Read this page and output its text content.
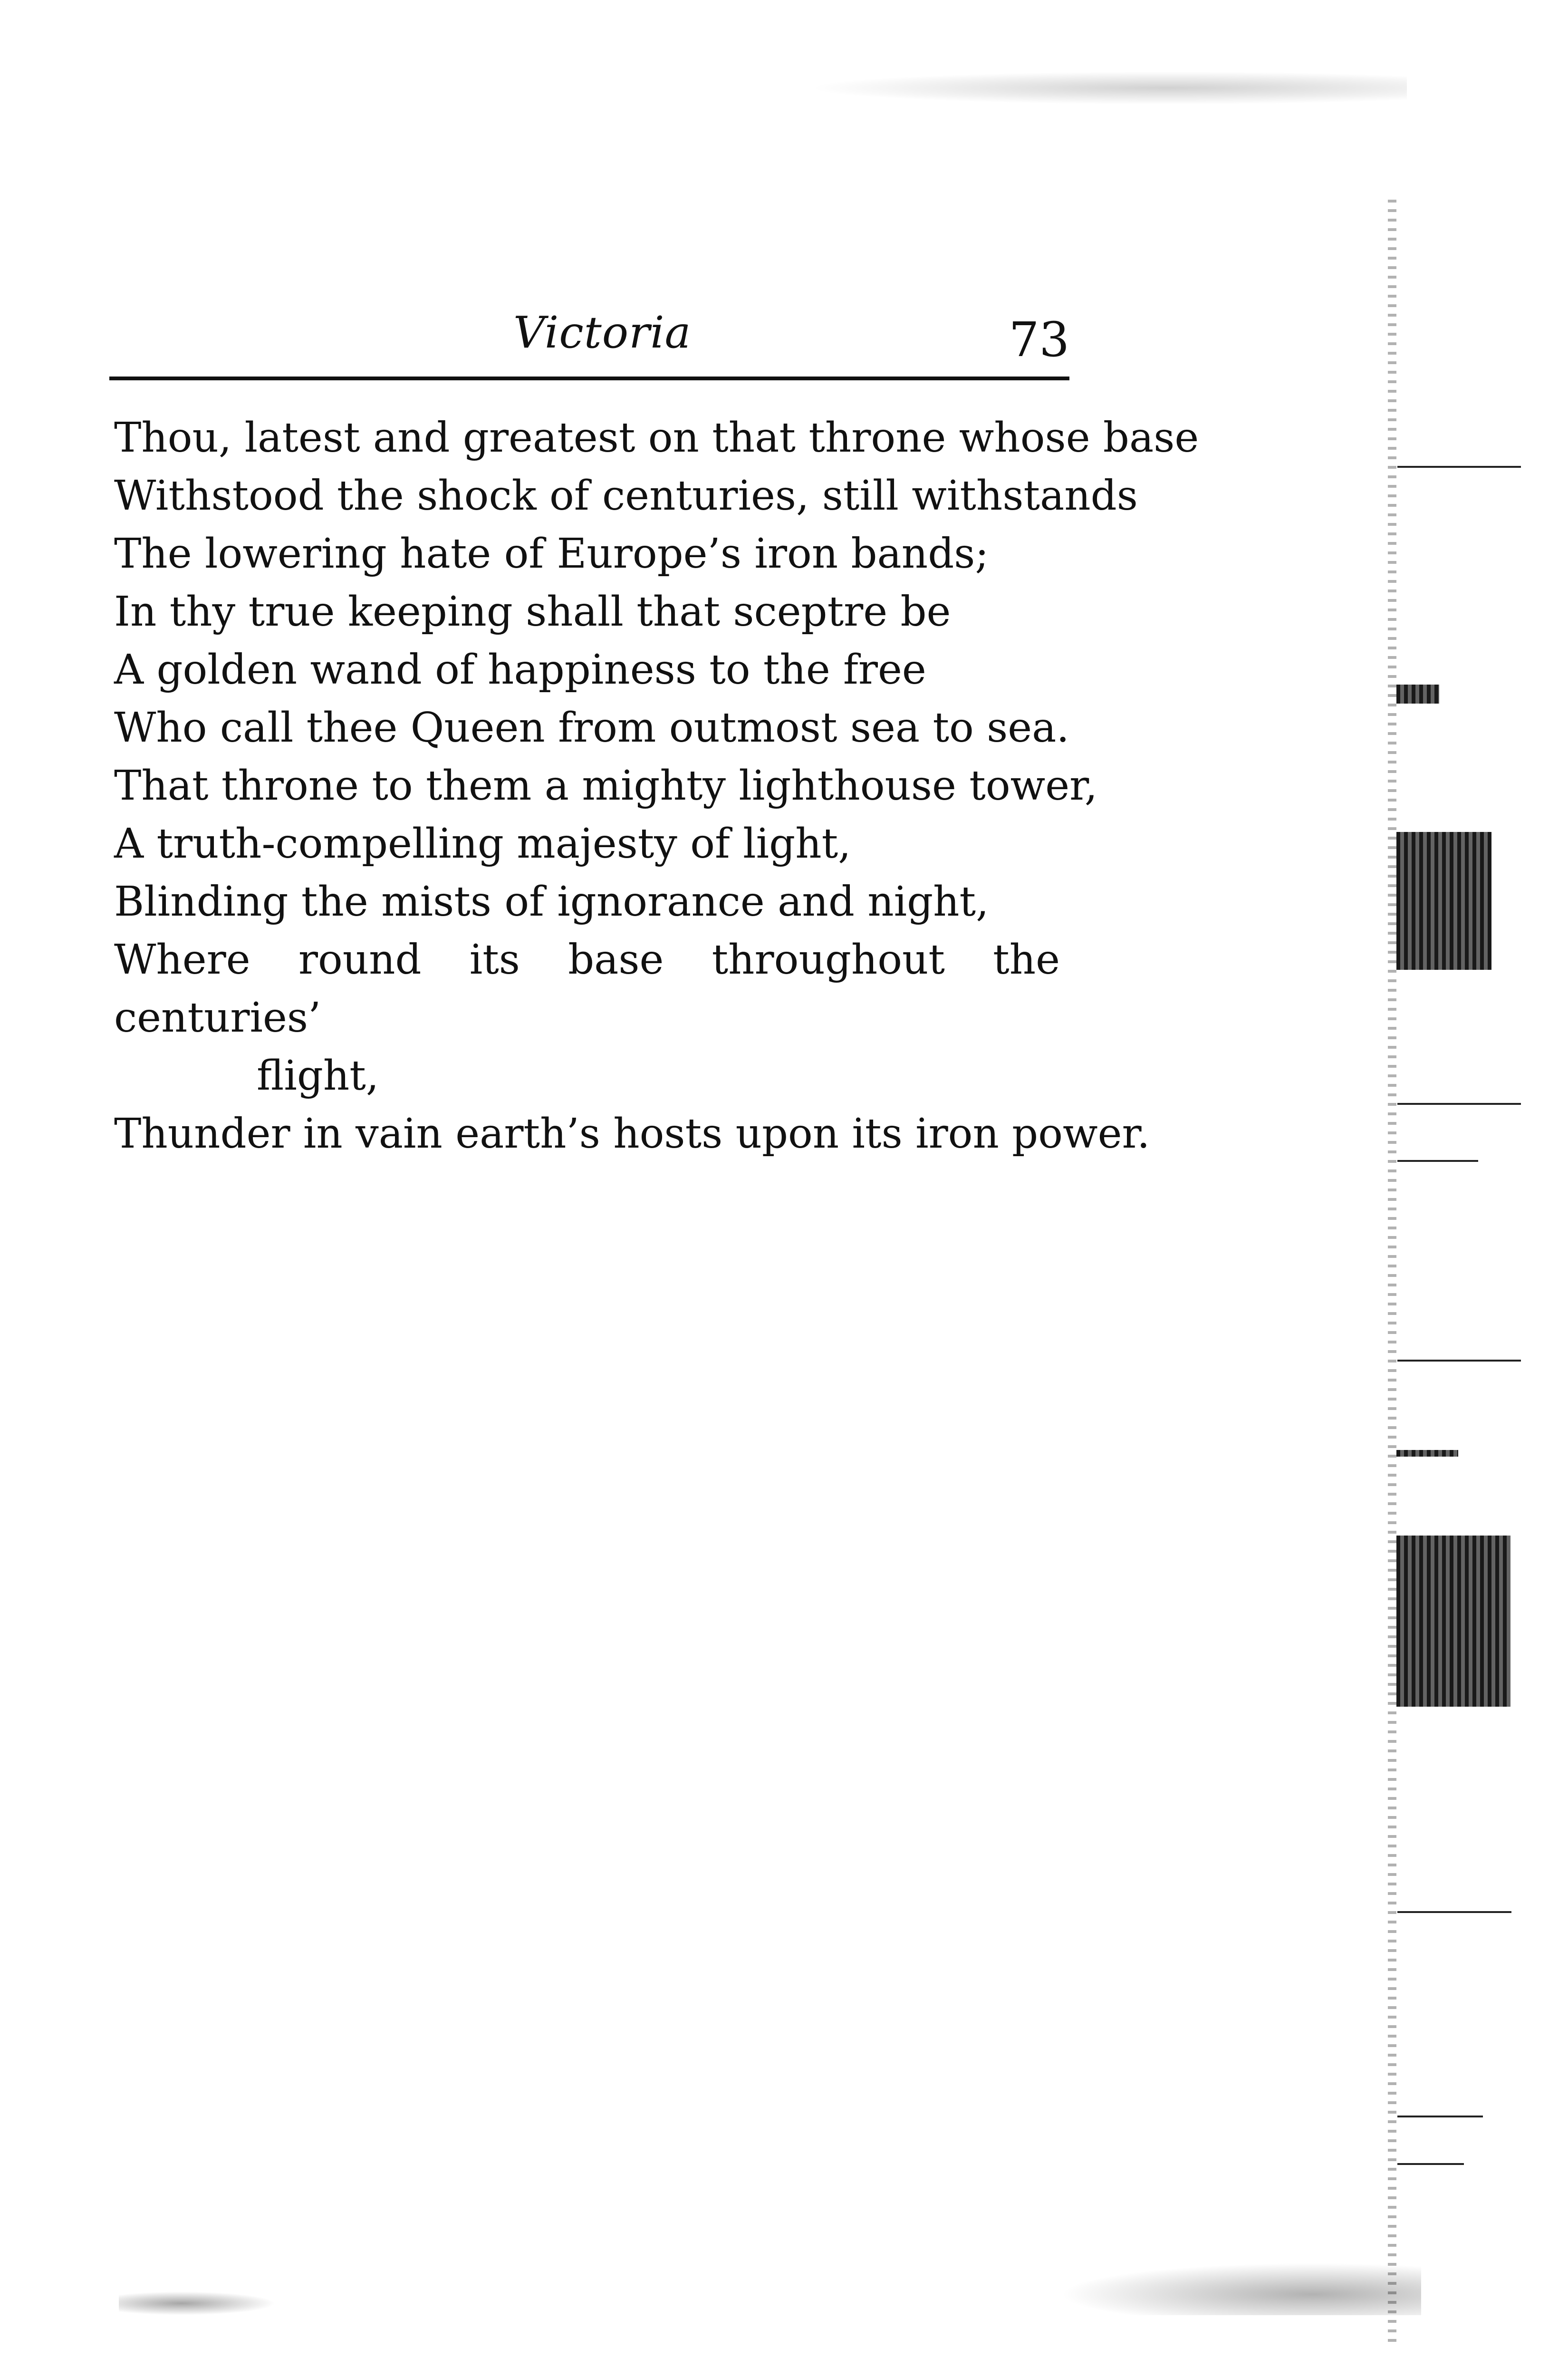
Victoria	73
Thou, latest and greatest on that throne whose base
Withstood the shock of centuries, still withstands
The lowering hate of Europe’s iron bands;
In thy true keeping shall that sceptre be
A golden wand of happiness to the free
Who call thee Queen from outmost sea to sea.
That throne to them a mighty lighthouse tower,
A truth-compelling majesty of light,
Blinding the mists of ignorance and night,
Where round its base throughout the centuries’
flight,
Thunder in vain earth’s hosts upon its iron power.
